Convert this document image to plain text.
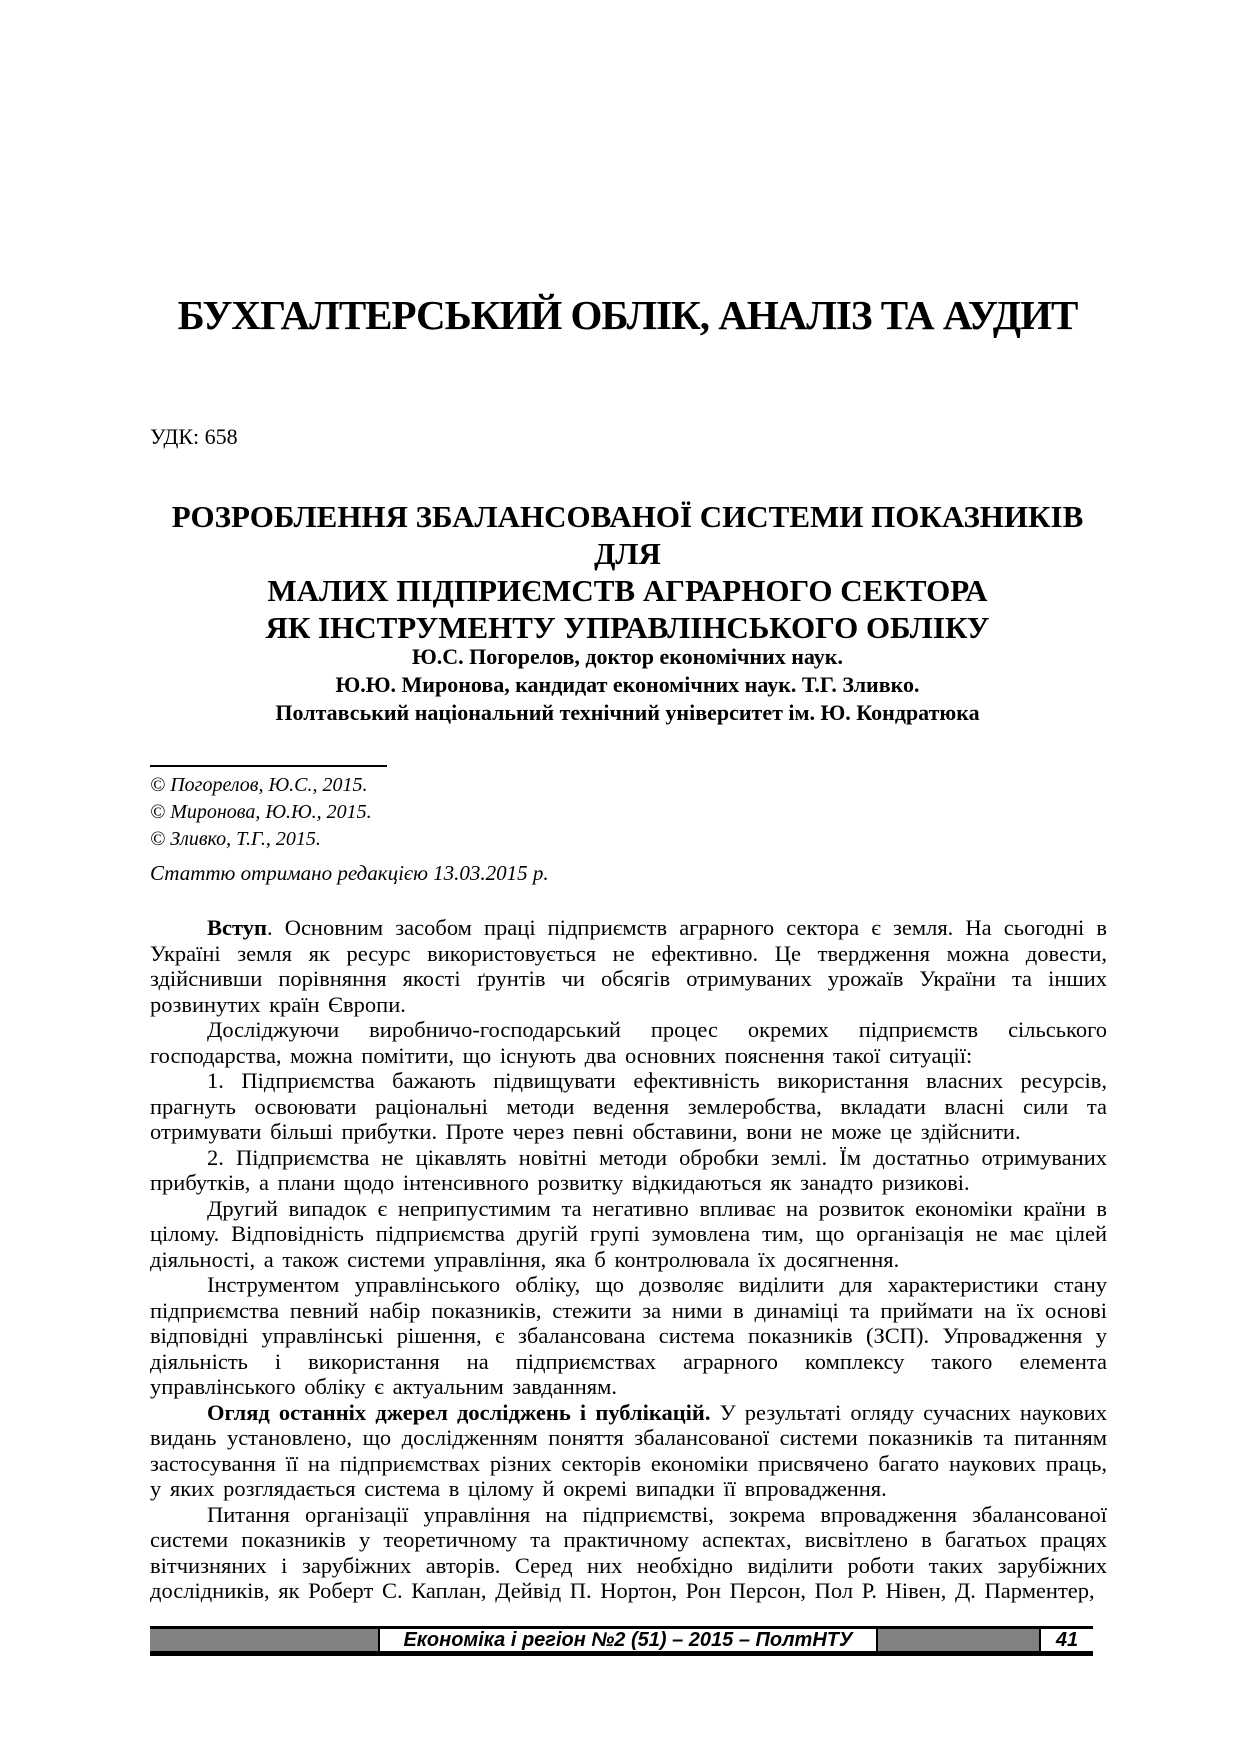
БУХГАЛТЕРСЬКИЙ ОБЛІК, АНАЛІЗ ТА АУДИТ
УДК: 658
РОЗРОБЛЕННЯ ЗБАЛАНСОВАНОЇ СИСТЕМИ ПОКАЗНИКІВ ДЛЯ
МАЛИХ ПІДПРИЄМСТВ АГРАРНОГО СЕКТОРА
ЯК ІНСТРУМЕНТУ УПРАВЛІНСЬКОГО ОБЛІКУ
Ю.С. Погорелов, доктор економічних наук.
Ю.Ю. Миронова, кандидат економічних наук. Т.Г. Зливко.
Полтавський національний технічний університет ім. Ю. Кондратюка
© Погорелов, Ю.С., 2015.
© Миронова, Ю.Ю., 2015.
© Зливко, Т.Г., 2015.
Статтю отримано редакцією 13.03.2015 р.

Вступ. Основним засобом праці підприємств аграрного сектора є земля. На сьогодні в Україні земля як ресурс використовується не ефективно. Це твердження можна довести, здійснивши порівняння якості ґрунтів чи обсягів отримуваних урожаїв України та інших розвинутих країн Європи.

Досліджуючи виробничо-господарський процес окремих підприємств сільського господарства, можна помітити, що існують два основних пояснення такої ситуації:

1. Підприємства бажають підвищувати ефективність використання власних ресурсів, прагнуть освоювати раціональні методи ведення землеробства, вкладати власні сили та отримувати більші прибутки. Проте через певні обставини, вони не може це здійснити.

2. Підприємства не цікавлять новітні методи обробки землі. Їм достатньо отримуваних прибутків, а плани щодо інтенсивного розвитку відкидаються як занадто ризикові.

Другий випадок є неприпустимим та негативно впливає на розвиток економіки країни в цілому. Відповідність підприємства другій групі зумовлена тим, що організація не має цілей діяльності, а також системи управління, яка б контролювала їх досягнення.

Інструментом управлінського обліку, що дозволяє виділити для характеристики стану підприємства певний набір показників, стежити за ними в динаміці та приймати на їх основі відповідні управлінські рішення, є збалансована система показників (ЗСП). Упровадження у діяльність і використання на підприємствах аграрного комплексу такого елемента управлінського обліку є актуальним завданням.

Огляд останніх джерел досліджень і публікацій. У результаті огляду сучасних наукових видань установлено, що дослідженням поняття збалансованої системи показників та питанням застосування її на підприємствах різних секторів економіки присвячено багато наукових праць, у яких розглядається система в цілому й окремі випадки її впровадження.

Питання організації управління на підприємстві, зокрема впровадження збалансованої системи показників у теоретичному та практичному аспектах, висвітлено в багатьох працях вітчизняних і зарубіжних авторів. Серед них необхідно виділити роботи таких зарубіжних дослідників, як Роберт С. Каплан, Дейвід П. Нортон, Рон Персон, Пол Р. Нівен, Д. Парментер,

Економіка і регіон №2 (51) – 2015 – ПолтНТУ	41
